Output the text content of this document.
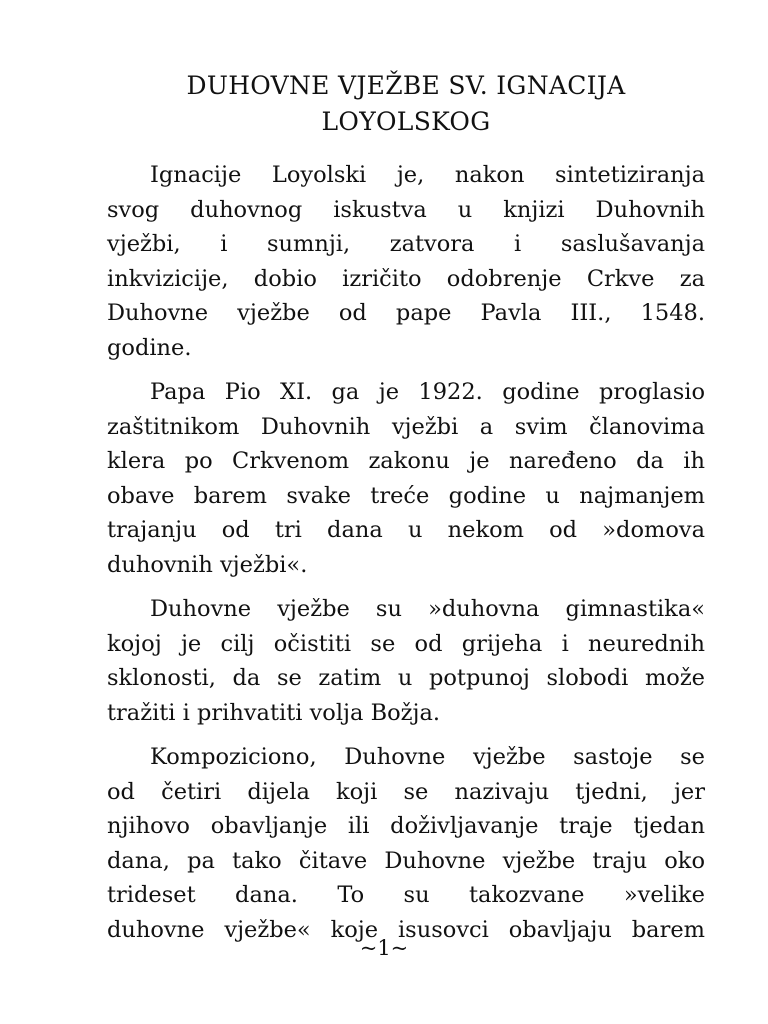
DUHOVNE VJEŽBE SV. IGNACIJA
LOYOLSKOG
Ignacije Loyolski je, nakon sintetiziranja
svog duhovnog iskustva u knjizi Duhovnih
vježbi, i sumnji, zatvora i saslušavanja
inkvizicije, dobio izričito odobrenje Crkve za
Duhovne vježbe od pape Pavla III., 1548.
godine.
Papa Pio XI. ga je 1922. godine proglasio
zaštitnikom Duhovnih vježbi a svim članovima
klera po Crkvenom zakonu je naređeno da ih
obave barem svake treće godine u najmanjem
trajanju od tri dana u nekom od »domova
duhovnih vježbi«.
Duhovne vježbe su »duhovna gimnastika«
kojoj je cilj očistiti se od grijeha i neurednih
sklonosti, da se zatim u potpunoj slobodi može
tražiti i prihvatiti volja Božja.
Kompoziciono, Duhovne vježbe sastoje se
od četiri dijela koji se nazivaju tjedni, jer
njihovo obavljanje ili doživljavanje traje tjedan
dana, pa tako čitave Duhovne vježbe traju oko
trideset dana. To su takozvane »velike
duhovne vježbe« koje isusovci obavljaju barem
~1~
